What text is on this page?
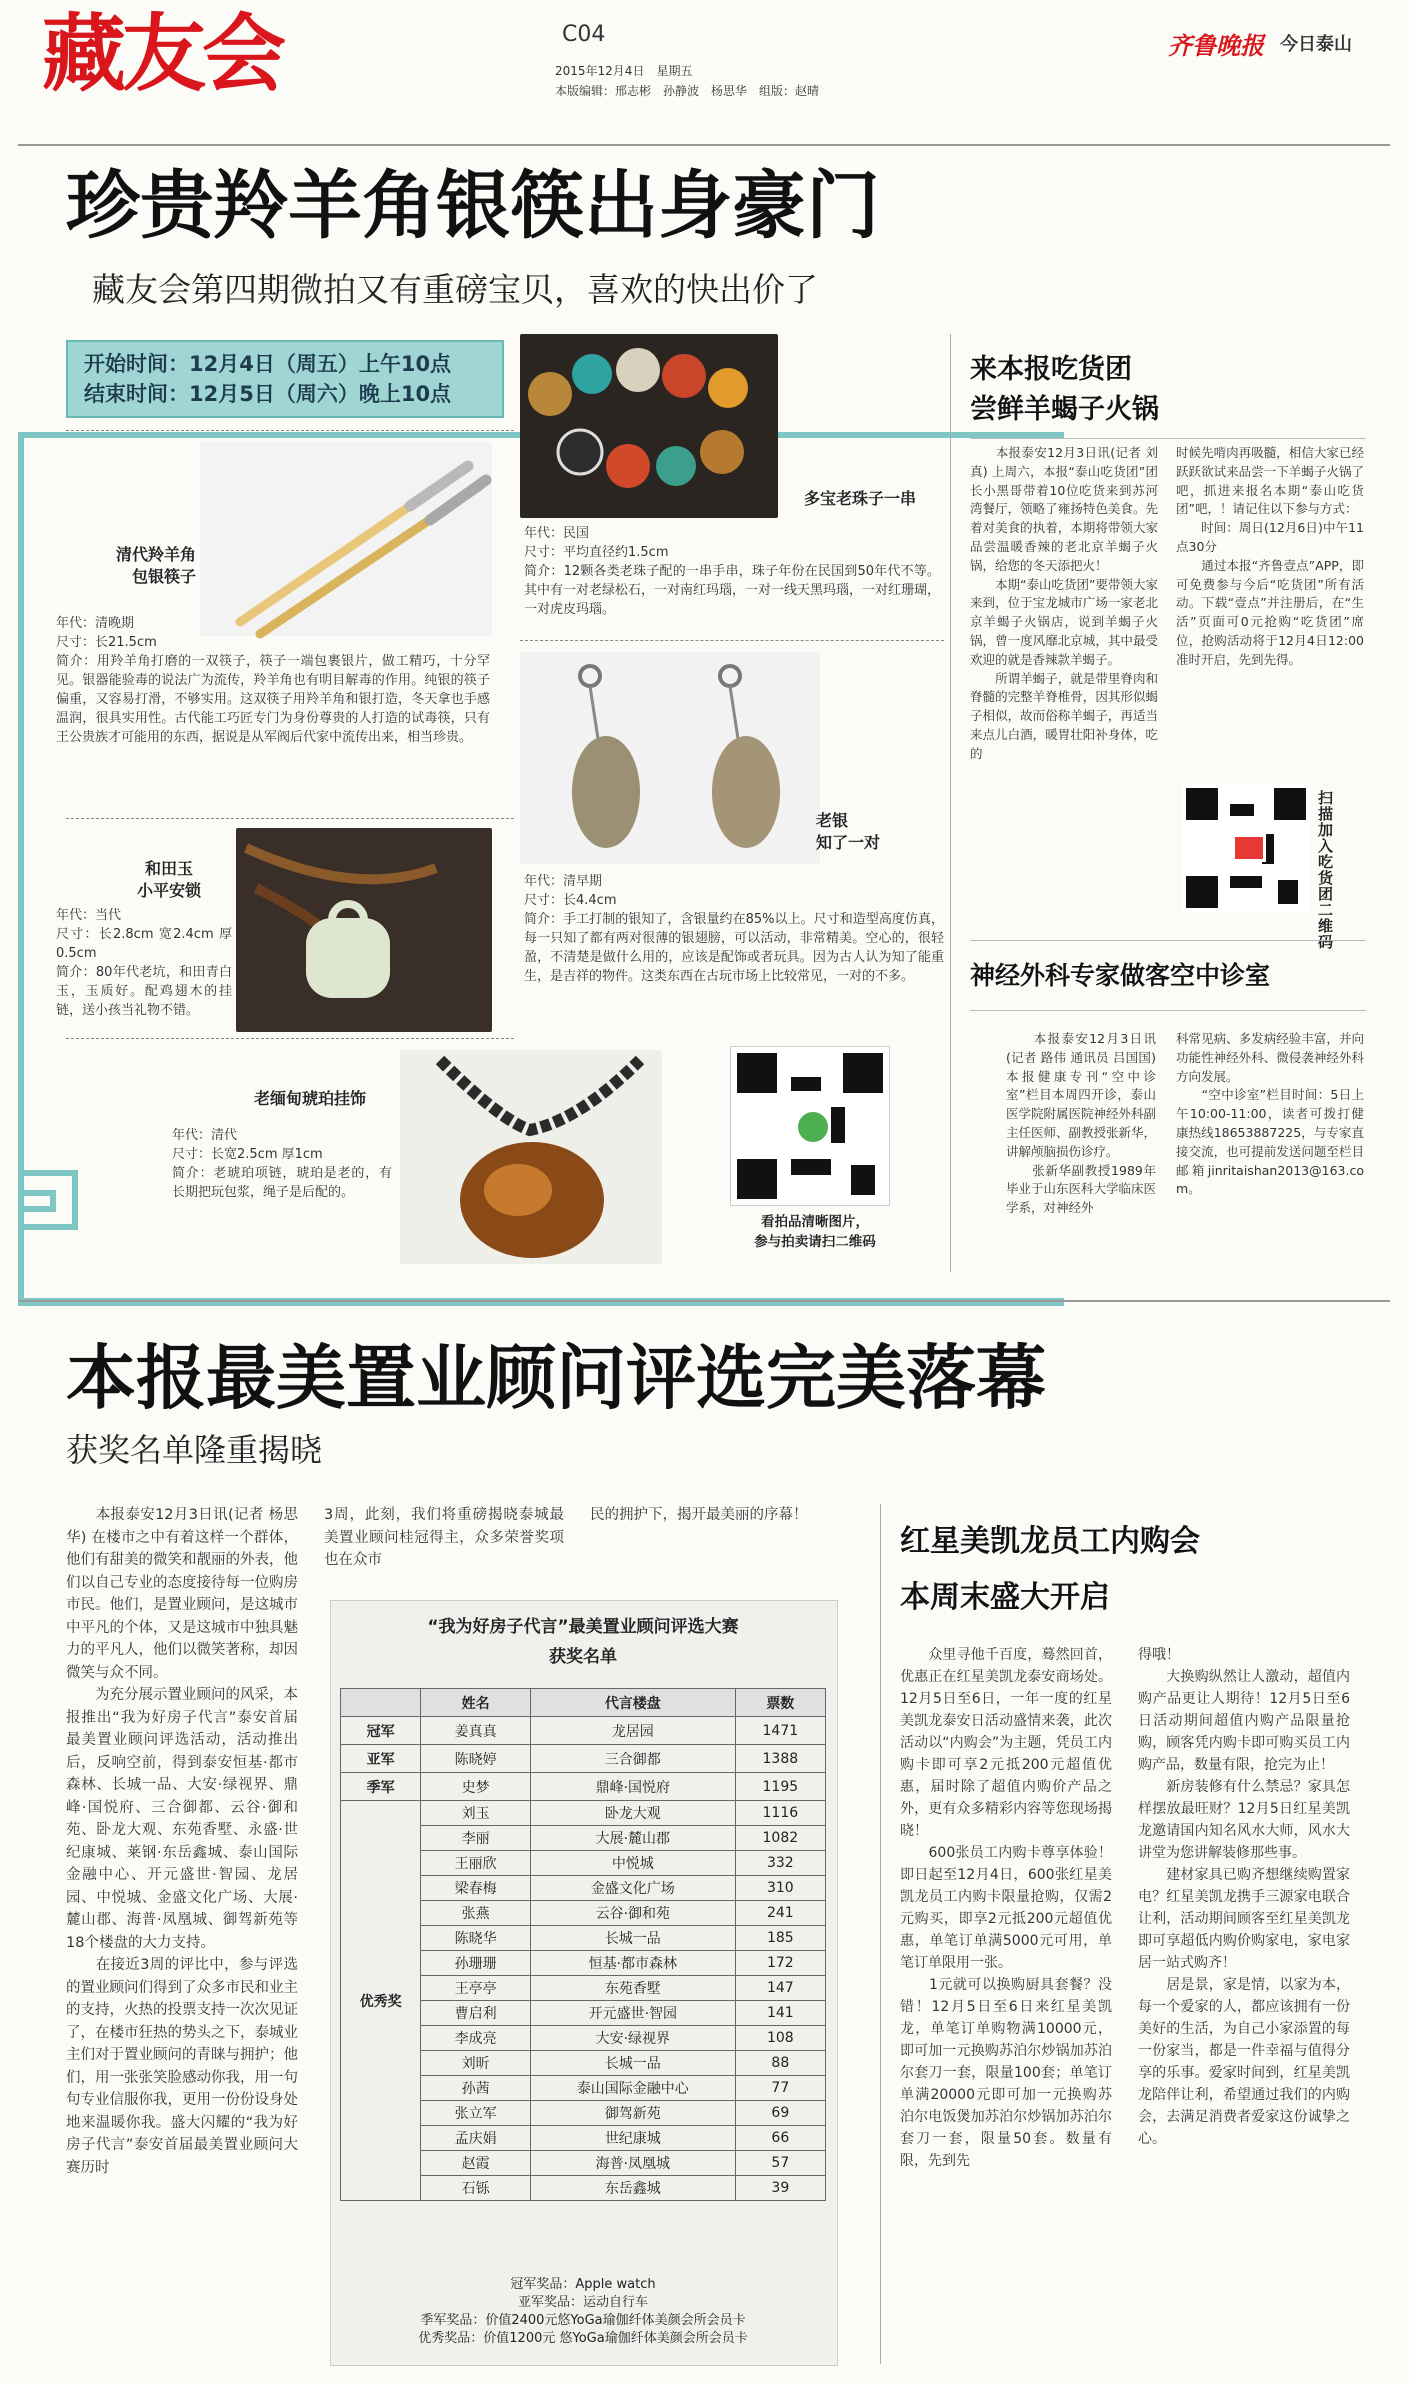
藏友会	C04
2015年12月4日　星期五
本版编辑：邢志彬　孙静波　杨思华　组版：赵晴
齐鲁晚报 今日泰山
珍贵羚羊角银筷出身豪门
藏友会第四期微拍又有重磅宝贝，喜欢的快出价了
开始时间：12月4日（周五）上午10点
结束时间：12月5日（周六）晚上10点
清代羚羊角
包银筷子
年代：清晚期
尺寸：长21.5cm
简介：用羚羊角打磨的一双筷子，筷子一端包裹银片，做工精巧，十分罕见。银器能验毒的说法广为流传，羚羊角也有明目解毒的作用。纯银的筷子偏重，又容易打滑，不够实用。这双筷子用羚羊角和银打造，冬天拿也手感温润，很具实用性。古代能工巧匠专门为身份尊贵的人打造的试毒筷，只有王公贵族才可能用的东西，据说是从军阀后代家中流传出来，相当珍贵。
和田玉
小平安锁
年代：当代
尺寸：长2.8cm 宽2.4cm 厚0.5cm
简介：80年代老坑，和田青白玉，玉质好。配鸡翅木的挂链，送小孩当礼物不错。
老缅甸琥珀挂饰
年代：清代
尺寸：长宽2.5cm 厚1cm
简介：老琥珀项链，琥珀是老的，有长期把玩包浆，绳子是后配的。
多宝老珠子一串
年代：民国
尺寸：平均直径约1.5cm
简介：12颗各类老珠子配的一串手串，珠子年份在民国到50年代不等。其中有一对老绿松石，一对南红玛瑙，一对一线天黑玛瑙，一对红珊瑚，一对虎皮玛瑙。
老银
知了一对
年代：清早期
尺寸：长4.4cm
简介：手工打制的银知了，含银量约在85%以上。尺寸和造型高度仿真，每一只知了都有两对很薄的银翅膀，可以活动，非常精美。空心的，很轻盈，不清楚是做什么用的，应该是配饰或者玩具。因为古人认为知了能重生，是吉祥的物件。这类东西在古玩市场上比较常见，一对的不多。
看拍品清晰图片，
参与拍卖请扫二维码
来本报吃货团
尝鲜羊蝎子火锅
　　本报泰安12月3日讯(记者 刘真) 上周六，本报“泰山吃货团”团长小黑哥带着10位吃货来到苏河湾餐厅，领略了雍扬特色美食。先着对美食的执着，本期将带领大家品尝温暖香辣的老北京羊蝎子火锅，给您的冬天添把火！
　　本期“泰山吃货团”要带领大家来到，位于宝龙城市广场一家老北京羊蝎子火锅店，说到羊蝎子火锅，曾一度风靡北京城，其中最受欢迎的就是香辣款羊蝎子。
　　所谓羊蝎子，就是带里脊肉和脊髓的完整羊脊椎骨，因其形似蝎子相似，故而俗称羊蝎子，再适当来点儿白酒，暖胃壮阳补身体，吃的
时候先啃肉再吸髓，相信大家已经跃跃欲试来品尝一下羊蝎子火锅了吧，抓进来报名本期“泰山吃货团”吧，！请记住以下参与方式：
　　时间：周日(12月6日)中午11点30分
　　通过本报“齐鲁壹点”APP，即可免费参与今后“吃货团”所有活动。下载“壹点”并注册后，在“生活”页面可0元抢购“吃货团”席位，抢购活动将于12月4日12:00准时开启，先到先得。
扫描加入吃货团二维码
神经外科专家做客空中诊室
　　本报泰安12月3日讯(记者 路伟 通讯员 吕国国) 本报健康专刊“空中诊室”栏目本周四开诊，泰山医学院附属医院神经外科副主任医师、副教授张新华，讲解颅脑损伤诊疗。
　　张新华副教授1989年毕业于山东医科大学临床医学系，对神经外
科常见病、多发病经验丰富，并向功能性神经外科、微侵袭神经外科方向发展。
　　“空中诊室”栏目时间：5日上午10:00-11:00，读者可拨打健康热线18653887225，与专家直接交流，也可提前发送问题至栏目邮箱jinritaishan2013@163.com。
本报最美置业顾问评选完美落幕
获奖名单隆重揭晓
　　本报泰安12月3日讯(记者 杨思华) 在楼市之中有着这样一个群体，他们有甜美的微笑和靓丽的外表，他们以自己专业的态度接待每一位购房市民。他们，是置业顾问，是这城市中平凡的个体，又是这城市中独具魅力的平凡人，他们以微笑著称，却因微笑与众不同。
　　为充分展示置业顾问的风采，本报推出“我为好房子代言”泰安首届最美置业顾问评选活动，活动推出后，反响空前，得到泰安恒基·都市森林、长城一品、大安·绿视界、鼎峰·国悦府、三合御都、云谷·御和苑、卧龙大观、东苑香墅、永盛·世纪康城、莱钢·东岳鑫城、泰山国际金融中心、开元盛世·智园、龙居园、中悦城、金盛文化广场、大展·麓山郡、海普·凤凰城、御驾新苑等18个楼盘的大力支持。
　　在接近3周的评比中，参与评选的置业顾问们得到了众多市民和业主的支持，火热的投票支持一次次见证了，在楼市狂热的势头之下，泰城业主们对于置业顾问的青睐与拥护；他们，用一张张笑脸感动你我，用一句句专业信服你我，更用一份份设身处地来温暖你我。盛大闪耀的“我为好房子代言”泰安首届最美置业顾问大赛历时
3周，此刻，我们将重磅揭晓泰城最美置业顾问桂冠得主，众多荣誉奖项也在众市
民的拥护下，揭开最美丽的序幕！
“我为好房子代言”最美置业顾问评选大赛
获奖名单
	姓名	代言楼盘	票数
冠军	姜真真	龙居园	1471
亚军	陈晓婷	三合御都	1388
季军	史梦	鼎峰·国悦府	1195
优秀奖	刘玉	卧龙大观	1116
	李丽	大展·麓山郡	1082
	王丽欣	中悦城	332
	梁春梅	金盛文化广场	310
	张燕	云谷·御和苑	241
	陈晓华	长城一品	185
	孙珊珊	恒基·都市森林	172
	王亭亭	东苑香墅	147
	曹启利	开元盛世·智园	141
	李成亮	大安·绿视界	108
	刘昕	长城一品	88
	孙茜	泰山国际金融中心	77
	张立军	御驾新苑	69
	孟庆娟	世纪康城	66
	赵霞	海普·凤凰城	57
	石铄	东岳鑫城	39
冠军奖品：Apple watch
亚军奖品：运动自行车
季军奖品：价值2400元悠YoGa瑜伽纤体美颜会所会员卡
优秀奖品：价值1200元 悠YoGa瑜伽纤体美颜会所会员卡
红星美凯龙员工内购会
本周末盛大开启
　　众里寻他千百度，蓦然回首，优惠正在红星美凯龙泰安商场处。12月5日至6日，一年一度的红星美凯龙泰安日活动盛情来袭，此次活动以“内购会”为主题，凭员工内购卡即可享2元抵200元超值优惠，届时除了超值内购价产品之外，更有众多精彩内容等您现场揭晓！
　　600张员工内购卡尊享体验！即日起至12月4日，600张红星美凯龙员工内购卡限量抢购，仅需2元购买，即享2元抵200元超值优惠，单笔订单满5000元可用，单笔订单限用一张。
　　1元就可以换购厨具套餐？没错！12月5日至6日来红星美凯龙，单笔订单购物满10000元，即可加一元换购苏泊尔炒锅加苏泊尔套刀一套，限量100套；单笔订单满20000元即可加一元换购苏泊尔电饭煲加苏泊尔炒锅加苏泊尔套刀一套，限量50套。数量有限，先到先
得哦！
　　大换购纵然让人激动，超值内购产品更让人期待！12月5日至6日活动期间超值内购产品限量抢购，顾客凭内购卡即可购买员工内购产品，数量有限，抢完为止！
　　新房装修有什么禁忌？家具怎样摆放最旺财？12月5日红星美凯龙邀请国内知名风水大师，风水大讲堂为您讲解装修那些事。
　　建材家具已购齐想继续购置家电？红星美凯龙携手三源家电联合让利，活动期间顾客至红星美凯龙即可享超低内购价购家电，家电家居一站式购齐！
　　居是景，家是情，以家为本，每一个爱家的人，都应该拥有一份美好的生活，为自己小家添置的每一份家当，都是一件幸福与值得分享的乐事。爱家时间到，红星美凯龙陪伴让利，希望通过我们的内购会，去满足消费者爱家这份诚挚之心。
